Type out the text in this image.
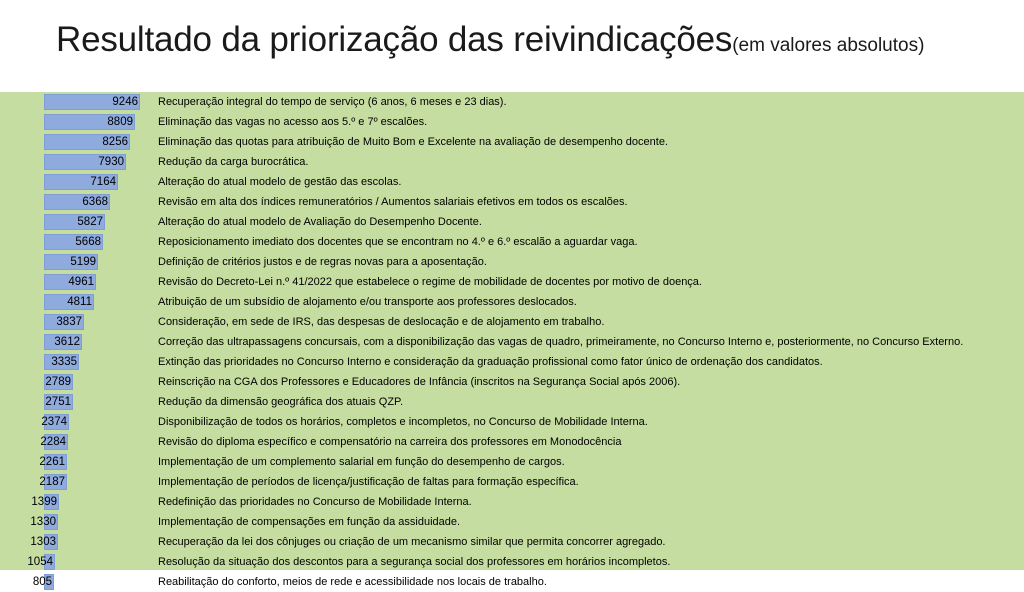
Resultado da priorização das reivindicações(em valores absolutos)
9246	Recuperação integral do tempo de serviço (6 anos, 6 meses e 23 dias).
8809	Eliminação das vagas no acesso aos 5.º e 7º escalões.
8256	Eliminação das quotas para atribuição de Muito Bom e Excelente na avaliação de desempenho docente.
7930	Redução da carga burocrática.
7164	Alteração do atual modelo de gestão das escolas.
6368	Revisão em alta dos índices remuneratórios / Aumentos salariais efetivos em todos os escalões.
5827	Alteração do atual modelo de Avaliação do Desempenho Docente.
5668	Reposicionamento imediato dos docentes que se encontram no 4.º e 6.º escalão a aguardar vaga.
5199	Definição de critérios justos e de regras novas para a aposentação.
4961	Revisão do Decreto-Lei n.º 41/2022 que estabelece o regime de mobilidade de docentes por motivo de doença.
4811	Atribuição de um subsídio de alojamento e/ou transporte aos professores deslocados.
3837	Consideração, em sede de IRS, das despesas de deslocação e de alojamento em trabalho.
3612	Correção das ultrapassagens concursais, com a disponibilização das vagas de quadro, primeiramente, no Concurso Interno e, posteriormente, no Concurso Externo.
3335	Extinção das prioridades no Concurso Interno e consideração da graduação profissional como fator único de ordenação dos candidatos.
2789	Reinscrição na CGA dos Professores e Educadores de Infância (inscritos na Segurança Social após 2006).
2751	Redução da dimensão geográfica dos atuais QZP.
2374	Disponibilização de todos os horários, completos e incompletos, no Concurso de Mobilidade Interna.
2284	Revisão do diploma específico e compensatório na carreira dos professores em Monodocência
2261	Implementação de um complemento salarial em função do desempenho de cargos.
2187	Implementação de períodos de licença/justificação de faltas para formação específica.
1399	Redefinição das prioridades no Concurso de Mobilidade Interna.
1330	Implementação de compensações em função da assiduidade.
1303	Recuperação da lei dos cônjuges ou criação de um mecanismo similar que permita concorrer agregado.
1054	Resolução da situação dos descontos para a segurança social dos professores em horários incompletos.
805	Reabilitação do conforto, meios de rede e acessibilidade nos locais de trabalho.
